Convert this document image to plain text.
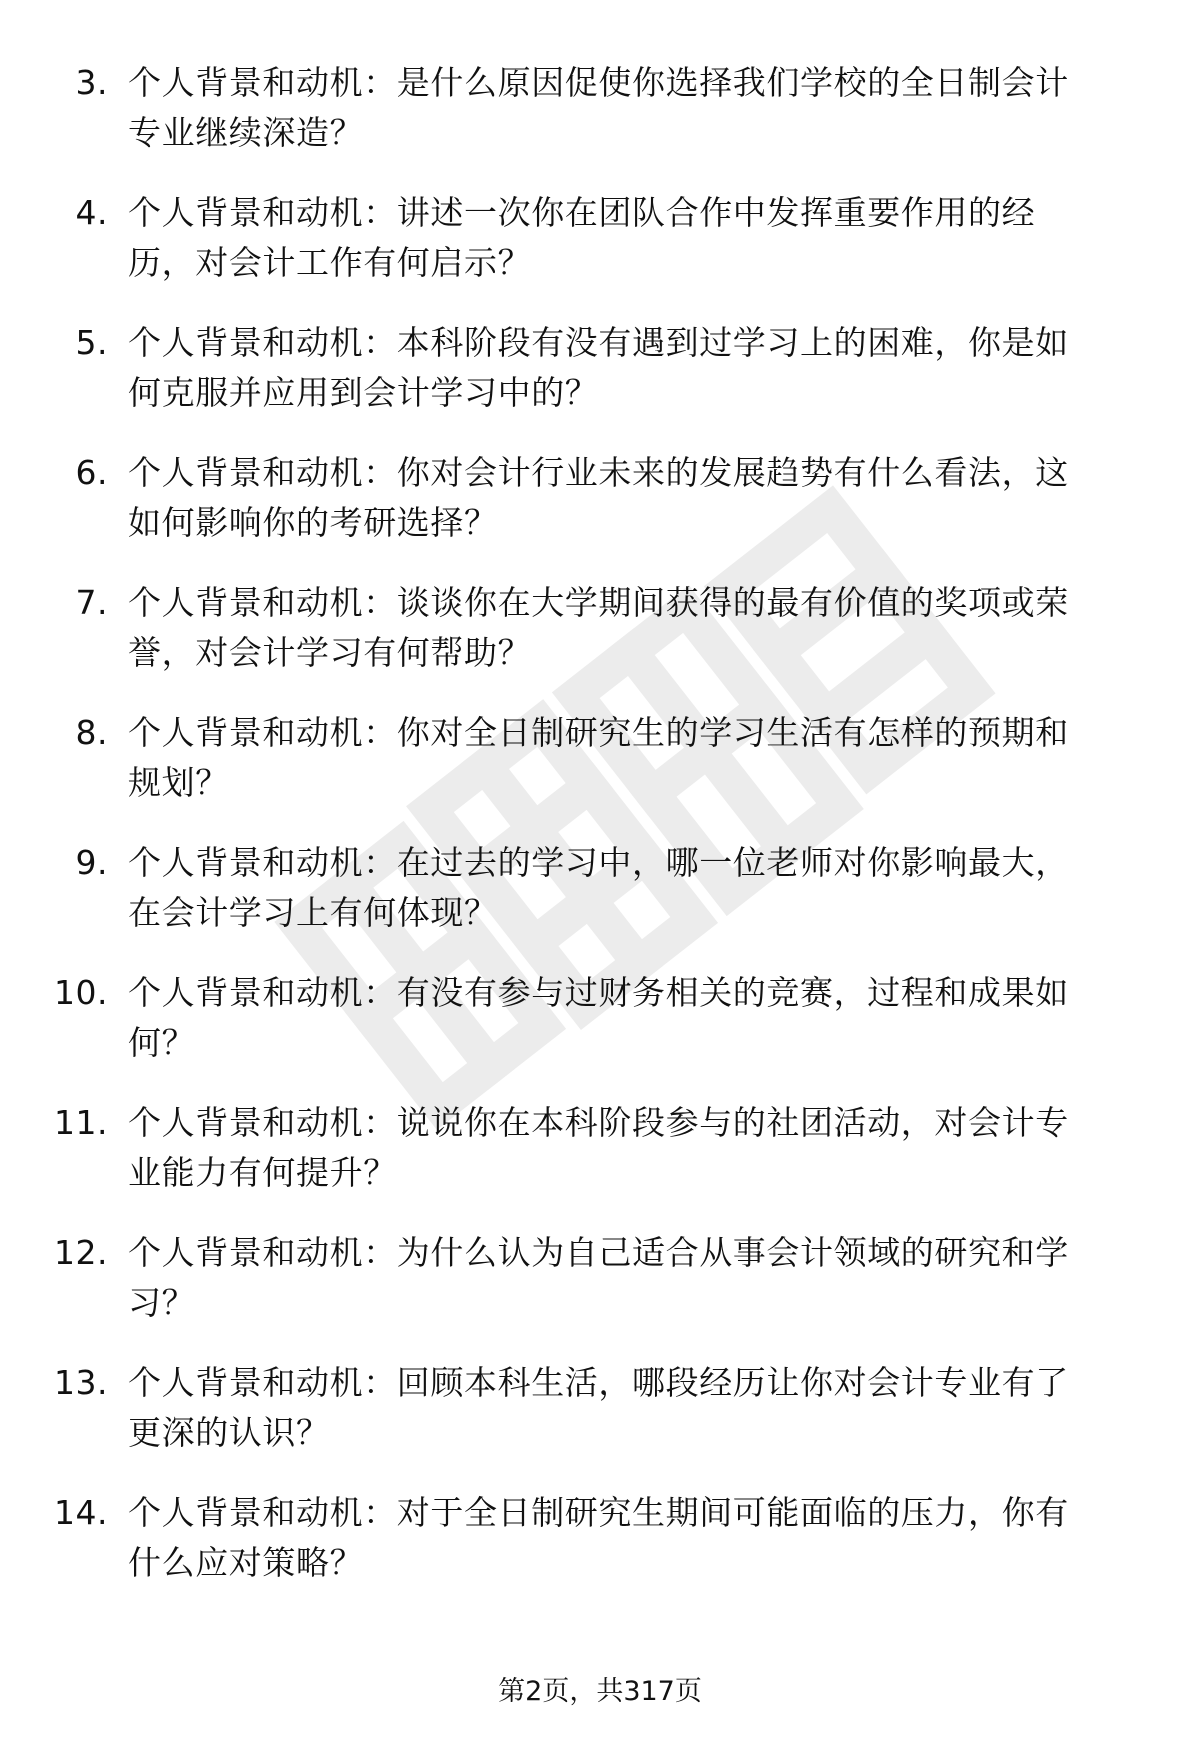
3. 个人背景和动机：是什么原因促使你选择我们学校的全日制会计
专业继续深造？
4. 个人背景和动机：讲述一次你在团队合作中发挥重要作用的经
历，对会计工作有何启示？
5. 个人背景和动机：本科阶段有没有遇到过学习上的困难，你是如
何克服并应用到会计学习中的？
6. 个人背景和动机：你对会计行业未来的发展趋势有什么看法，这
如何影响你的考研选择？
7. 个人背景和动机：谈谈你在大学期间获得的最有价值的奖项或荣
誉，对会计学习有何帮助？
8. 个人背景和动机：你对全日制研究生的学习生活有怎样的预期和
规划？
9. 个人背景和动机：在过去的学习中，哪一位老师对你影响最大，
在会计学习上有何体现？
10. 个人背景和动机：有没有参与过财务相关的竞赛，过程和成果如
何？
11. 个人背景和动机：说说你在本科阶段参与的社团活动，对会计专
业能力有何提升？
12. 个人背景和动机：为什么认为自己适合从事会计领域的研究和学
习？
13. 个人背景和动机：回顾本科生活，哪段经历让你对会计专业有了
更深的认识？
14. 个人背景和动机：对于全日制研究生期间可能面临的压力，你有
什么应对策略？
第2页，共317页
